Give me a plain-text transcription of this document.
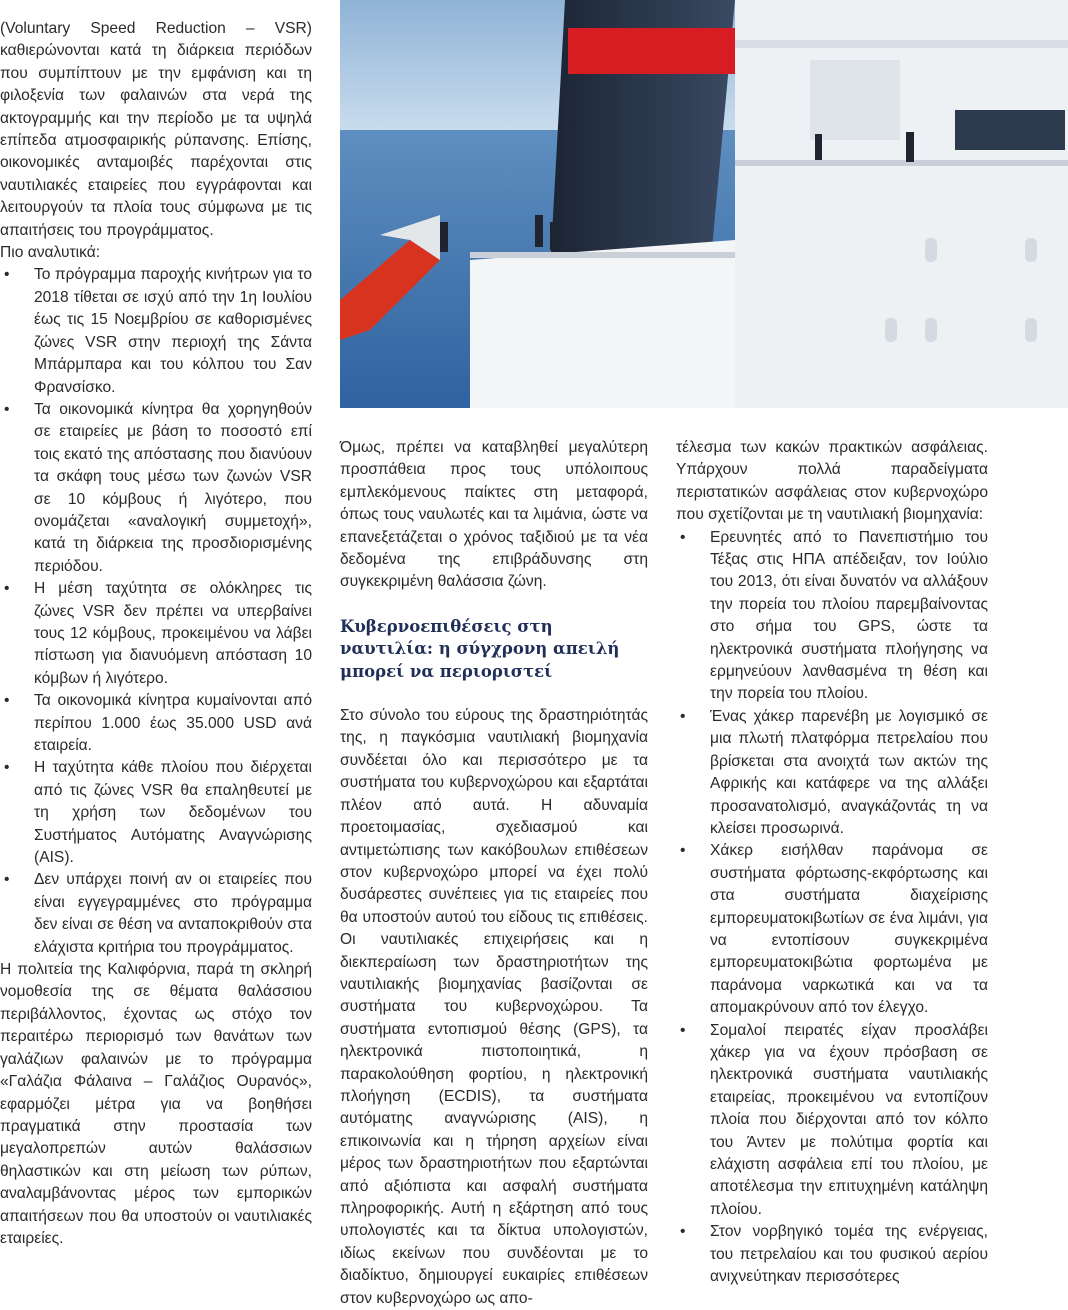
(Voluntary Speed Reduction – VSR) καθιερώνονται κατά τη διάρκεια περιόδων που συμπίπτουν με την εμφάνιση και τη φιλοξενία των φαλαινών στα νερά της ακτογραμμής και την περίοδο με τα υψηλά επίπεδα ατμοσφαιρικής ρύπανσης. Επίσης, οικονομικές ανταμοιβές παρέχονται στις ναυτιλιακές εταιρείες που εγγράφονται και λειτουργούν τα πλοία τους σύμφωνα με τις απαιτήσεις του προγράμματος.

Πιο αναλυτικά:

• Το πρόγραμμα παροχής κινήτρων για το 2018 τίθεται σε ισχύ από την 1η Ιουλίου έως τις 15 Νοεμβρίου σε καθορισμένες ζώνες VSR στην περιοχή της Σάντα Μπάρμπαρα και του κόλπου του Σαν Φρανσίσκο.
• Τα οικονομικά κίνητρα θα χορηγηθούν σε εταιρείες με βάση το ποσοστό επί τοις εκατό της απόστασης που διανύουν τα σκάφη τους μέσω των ζωνών VSR σε 10 κόμβους ή λιγότερο, που ονομάζεται «αναλογική συμμετοχή», κατά τη διάρκεια της προσδιορισμένης περιόδου.
• Η μέση ταχύτητα σε ολόκληρες τις ζώνες VSR δεν πρέπει να υπερβαίνει τους 12 κόμβους, προκειμένου να λάβει πίστωση για διανυόμενη απόσταση 10 κόμβων ή λιγότερο.
• Τα οικονομικά κίνητρα κυμαίνονται από περίπου 1.000 έως 35.000 USD ανά εταιρεία.
• Η ταχύτητα κάθε πλοίου που διέρχεται από τις ζώνες VSR θα επαληθευτεί με τη χρήση των δεδομένων του Συστήματος Αυτόματης Αναγνώρισης (AIS).
• Δεν υπάρχει ποινή αν οι εταιρείες που είναι εγγεγραμμένες στο πρόγραμμα δεν είναι σε θέση να ανταποκριθούν στα ελάχιστα κριτήρια του προγράμματος.

Η πολιτεία της Καλιφόρνια, παρά τη σκληρή νομοθεσία της σε θέματα θαλάσσιου περιβάλλοντος, έχοντας ως στόχο τον περαιτέρω περιορισμό των θανάτων των γαλάζιων φαλαινών με το πρόγραμμα «Γαλάζια Φάλαινα – Γαλάζιος Ουρανός», εφαρμόζει μέτρα για να βοηθήσει πραγματικά στην προστασία των μεγαλοπρεπών αυτών θαλάσσιων θηλαστικών και στη μείωση των ρύπων, αναλαμβάνοντας μέρος των εμπορικών απαιτήσεων που θα υποστούν οι ναυτιλιακές εταιρείες.

Όμως, πρέπει να καταβληθεί μεγαλύτερη προσπάθεια προς τους υπόλοιπους εμπλεκόμενους παίκτες στη μεταφορά, όπως τους ναυλωτές και τα λιμάνια, ώστε να επανεξετάζεται ο χρόνος ταξιδιού με τα νέα δεδομένα της επιβράδυνσης στη συγκεκριμένη θαλάσσια ζώνη.

Κυβερνοεπιθέσεις στη ναυτιλία: η σύγχρονη απειλή μπορεί να περιοριστεί

Στο σύνολο του εύρους της δραστηριότητάς της, η παγκόσμια ναυτιλιακή βιομηχανία συνδέεται όλο και περισσότερο με τα συστήματα του κυβερνοχώρου και εξαρτάται πλέον από αυτά. Η αδυναμία προετοιμασίας, σχεδιασμού και αντιμετώπισης των κακόβουλων επιθέσεων στον κυβερνοχώρο μπορεί να έχει πολύ δυσάρεστες συνέπειες για τις εταιρείες που θα υποστούν αυτού του είδους τις επιθέσεις. Οι ναυτιλιακές επιχειρήσεις και η διεκπεραίωση των δραστηριοτήτων της ναυτιλιακής βιομηχανίας βασίζονται σε συστήματα του κυβερνοχώρου. Τα συστήματα εντοπισμού θέσης (GPS), τα ηλεκτρονικά πιστοποιητικά, η παρακολούθηση φορτίου, η ηλεκτρονική πλοήγηση (ECDIS), τα συστήματα αυτόματης αναγνώρισης (AIS), η επικοινωνία και η τήρηση αρχείων είναι μέρος των δραστηριοτήτων που εξαρτώνται από αξιόπιστα και ασφαλή συστήματα πληροφορικής. Αυτή η εξάρτηση από τους υπολογιστές και τα δίκτυα υπολογιστών, ιδίως εκείνων που συνδέονται με το διαδίκτυο, δημιουργεί ευκαιρίες επιθέσεων στον κυβερνοχώρο ως απο-

τέλεσμα των κακών πρακτικών ασφάλειας. Υπάρχουν πολλά παραδείγματα περιστατικών ασφάλειας στον κυβερνοχώρο που σχετίζονται με τη ναυτιλιακή βιομηχανία:

• Ερευνητές από το Πανεπιστήμιο του Τέξας στις ΗΠΑ απέδειξαν, τον Ιούλιο του 2013, ότι είναι δυνατόν να αλλάξουν την πορεία του πλοίου παρεμβαίνοντας στο σήμα του GPS, ώστε τα ηλεκτρονικά συστήματα πλοήγησης να ερμηνεύουν λανθασμένα τη θέση και την πορεία του πλοίου.
• Ένας χάκερ παρενέβη με λογισμικό σε μια πλωτή πλατφόρμα πετρελαίου που βρίσκεται στα ανοιχτά των ακτών της Αφρικής και κατάφερε να της αλλάξει προσανατολισμό, αναγκάζοντάς τη να κλείσει προσωρινά.
• Χάκερ εισήλθαν παράνομα σε συστήματα φόρτωσης-εκφόρτωσης και στα συστήματα διαχείρισης εμπορευματοκιβωτίων σε ένα λιμάνι, για να εντοπίσουν συγκεκριμένα εμπορευματοκιβώτια φορτωμένα με παράνομα ναρκωτικά και να τα απομακρύνουν από τον έλεγχο.
• Σομαλοί πειρατές είχαν προσλάβει χάκερ για να έχουν πρόσβαση σε ηλεκτρονικά συστήματα ναυτιλιακής εταιρείας, προκειμένου να εντοπίζουν πλοία που διέρχονται από τον κόλπο του Άντεν με πολύτιμα φορτία και ελάχιστη ασφάλεια επί του πλοίου, με αποτέλεσμα την επιτυχημένη κατάληψη πλοίου.
• Στον νορβηγικό τομέα της ενέργειας, του πετρελαίου και του φυσικού αερίου ανιχνεύτηκαν περισσότερες
